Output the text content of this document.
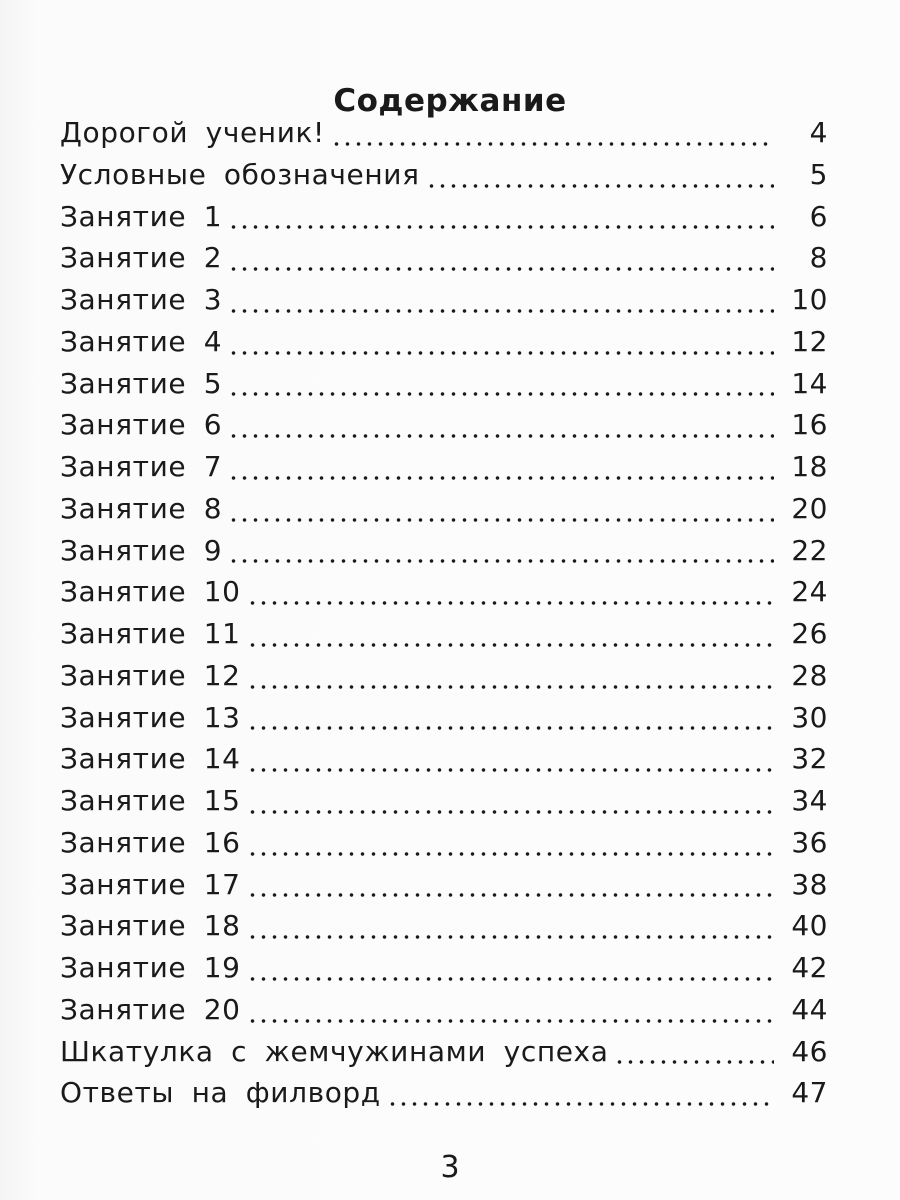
Содержание
Дорогой ученик!	4
Условные обозначения	5
Занятие 1	6
Занятие 2	8
Занятие 3	10
Занятие 4	12
Занятие 5	14
Занятие 6	16
Занятие 7	18
Занятие 8	20
Занятие 9	22
Занятие 10	24
Занятие 11	26
Занятие 12	28
Занятие 13	30
Занятие 14	32
Занятие 15	34
Занятие 16	36
Занятие 17	38
Занятие 18	40
Занятие 19	42
Занятие 20	44
Шкатулка с жемчужинами успеха	46
Ответы на филворд	47
3
